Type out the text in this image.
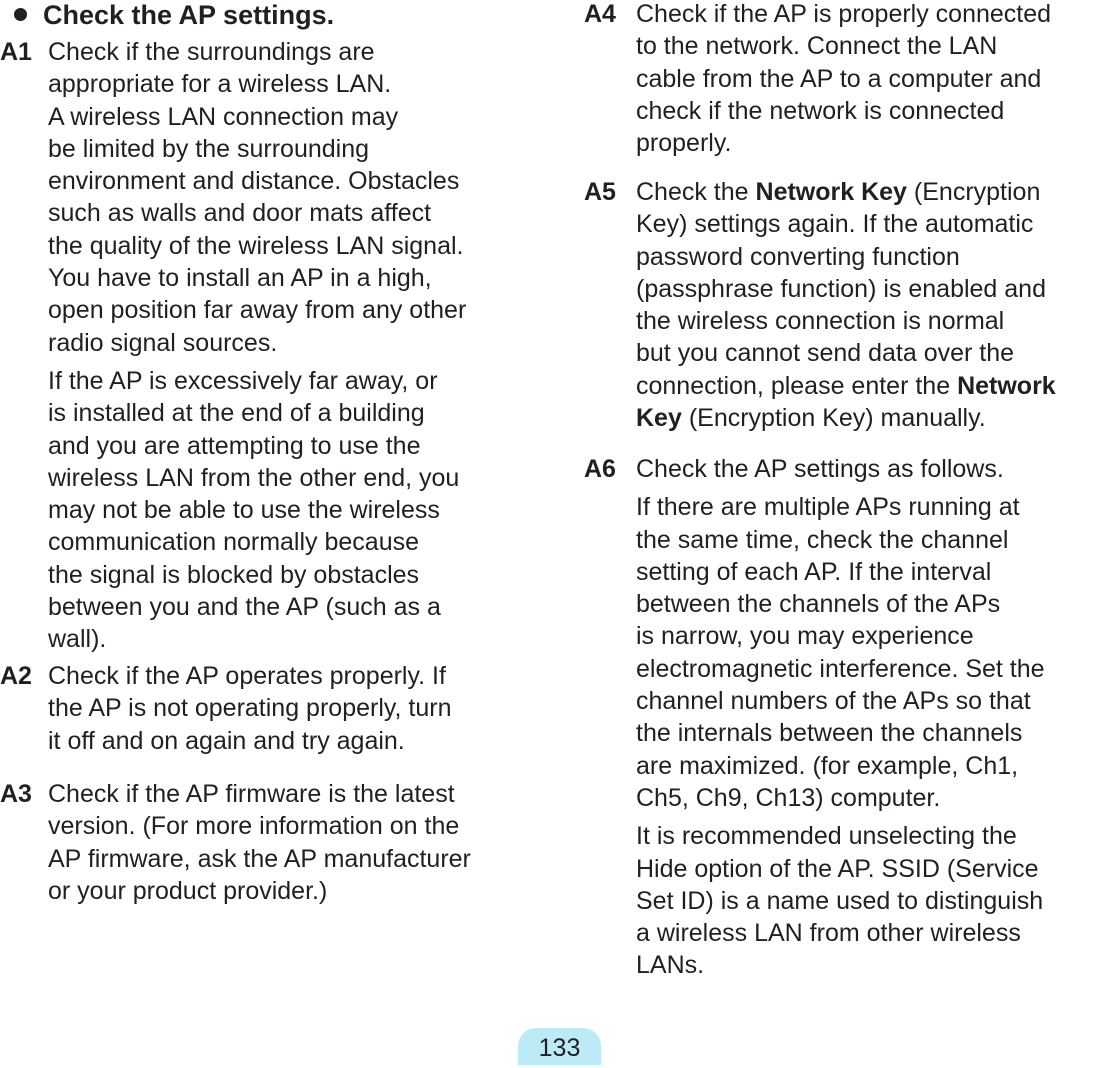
Check the AP settings.
A1 Check if the surroundings are
appropriate for a wireless LAN.
A wireless LAN connection may
be limited by the surrounding
environment and distance. Obstacles
such as walls and door mats affect
the quality of the wireless LAN signal.
You have to install an AP in a high,
open position far away from any other
radio signal sources.
If the AP is excessively far away, or
is installed at the end of a building
and you are attempting to use the
wireless LAN from the other end, you
may not be able to use the wireless
communication normally because
the signal is blocked by obstacles
between you and the AP (such as a
wall).
A2 Check if the AP operates properly. If
the AP is not operating properly, turn
it off and on again and try again.
A3 Check if the AP firmware is the latest
version. (For more information on the
AP firmware, ask the AP manufacturer
or your product provider.)
A4 Check if the AP is properly connected
to the network. Connect the LAN
cable from the AP to a computer and
check if the network is connected
properly.
A5 Check the Network Key (Encryption
Key) settings again. If the automatic
password converting function
(passphrase function) is enabled and
the wireless connection is normal
but you cannot send data over the
connection, please enter the Network
Key (Encryption Key) manually.
A6 Check the AP settings as follows.
If there are multiple APs running at
the same time, check the channel
setting of each AP. If the interval
between the channels of the APs
is narrow, you may experience
electromagnetic interference. Set the
channel numbers of the APs so that
the internals between the channels
are maximized. (for example, Ch1,
Ch5, Ch9, Ch13) computer.
It is recommended unselecting the
Hide option of the AP. SSID (Service
Set ID) is a name used to distinguish
a wireless LAN from other wireless
LANs.
133
